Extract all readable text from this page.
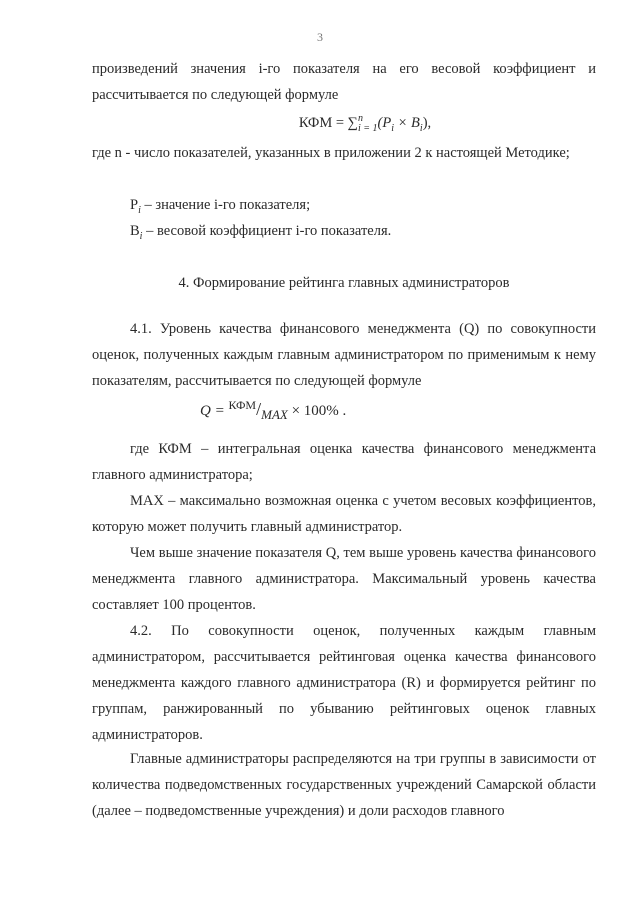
3

произведений значения i-го показателя на его весовой коэффициент и

рассчитывается по следующей формуле

КФМ = ∑ n
i = 1 $(P_i \times B_i)$,

где n - число показателей, указанных в приложении 2 к настоящей Методике;

$P_i$ – значение i-го показателя;
$B_i$ – весовой коэффициент i-го показателя.
4. Формирование рейтинга главных администраторов
4.1. Уровень качества финансового менеджмента (Q) по совокупности оценок, полученных каждым главным администратором по применимым к нему показателям, рассчитывается по следующей формуле
$Q = ^{КФМ}/_{MAX} \times 100\%$ .
где КФМ – интегральная оценка качества финансового менеджмента главного администратора;
MAX – максимально возможная оценка с учетом весовых коэффициентов, которую может получить главный администратор.
Чем выше значение показателя Q, тем выше уровень качества финансового менеджмента главного администратора. Максимальный уровень качества составляет 100 процентов.
4.2. По совокупности оценок, полученных каждым главным администратором, рассчитывается рейтинговая оценка качества финансового менеджмента каждого главного администратора (R) и формируется рейтинг по группам, ранжированный по убыванию рейтинговых оценок главных администраторов.
Главные администраторы распределяются на три группы в зависимости от количества подведомственных государственных учреждений Самарской области (далее – подведомственные учреждения) и доли расходов главного
